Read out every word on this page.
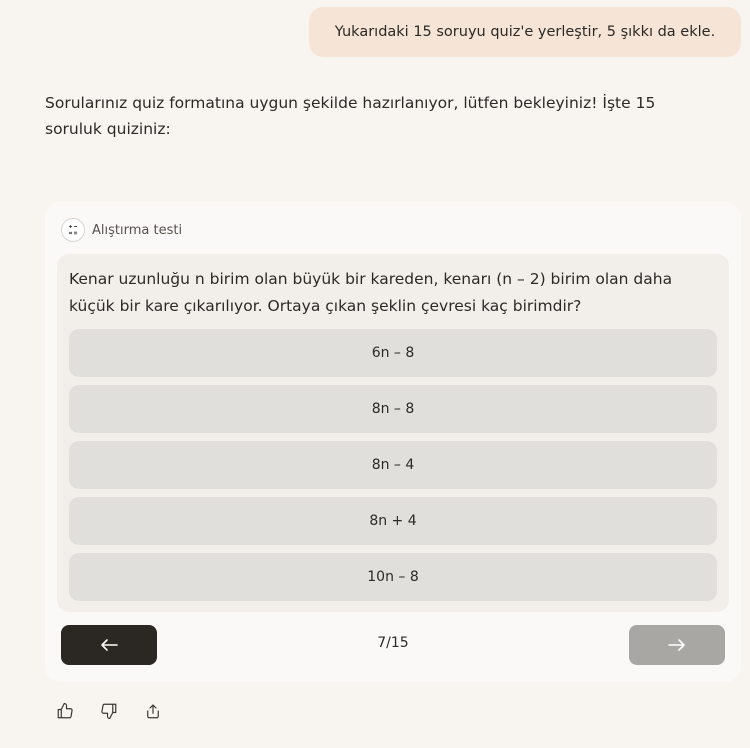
Yukarıdaki 15 soruyu quiz'e yerleştir, 5 şıkkı da ekle.
Sorularınız quiz formatına uygun şekilde hazırlanıyor, lütfen bekleyiniz! İşte 15 soruluk quiziniz:
Alıştırma testi
Kenar uzunluğu n birim olan büyük bir kareden, kenarı (n – 2) birim olan daha küçük bir kare çıkarılıyor. Ortaya çıkan şeklin çevresi kaç birimdir?
6n – 8
8n – 8
8n – 4
8n + 4
10n – 8
7/15
